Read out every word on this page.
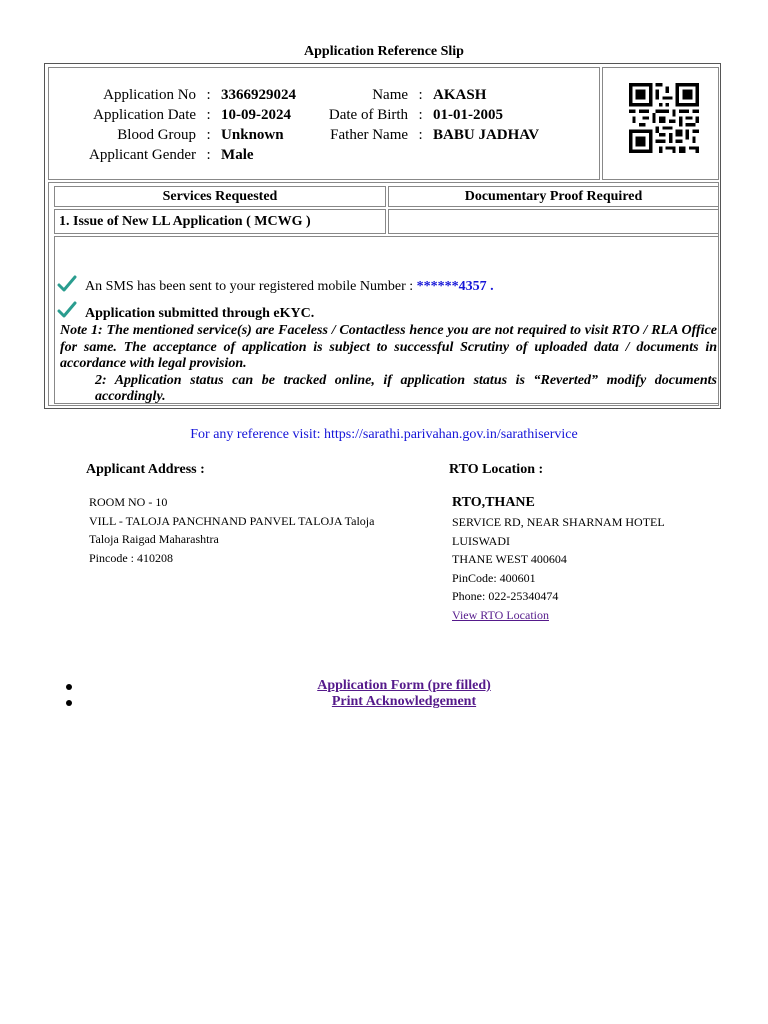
Application Reference Slip
Application No	:	3366929024	Name	:	AKASH
Application Date	:	10-09-2024	Date of Birth	:	01-01-2005
Blood Group	:	Unknown	Father Name	:	BABU JADHAV
Applicant Gender	:	Male			
Services Requested	Documentary Proof Required
1. Issue of New LL Application ( MCWG )
An SMS has been sent to your registered mobile Number : ******4357 .
Application submitted through eKYC.
Note 1: The mentioned service(s) are Faceless / Contactless hence you are not required to visit RTO / RLA Office for same. The acceptance of application is subject to successful Scrutiny of uploaded data / documents in accordance with legal provision.
2: Application status can be tracked online, if application status is “Reverted” modify documents accordingly.
For any reference visit: https://sarathi.parivahan.gov.in/sarathiservice
Applicant Address :
ROOM NO - 10
VILL - TALOJA PANCHNAND PANVEL TALOJA Taloja
Taloja Raigad Maharashtra
Pincode : 410208
RTO Location :
RTO,THANE
SERVICE RD, NEAR SHARNAM HOTEL
LUISWADI
THANE WEST 400604
PinCode: 400601
Phone: 022-25340474
View RTO Location
Application Form (pre filled)
Print Acknowledgement
